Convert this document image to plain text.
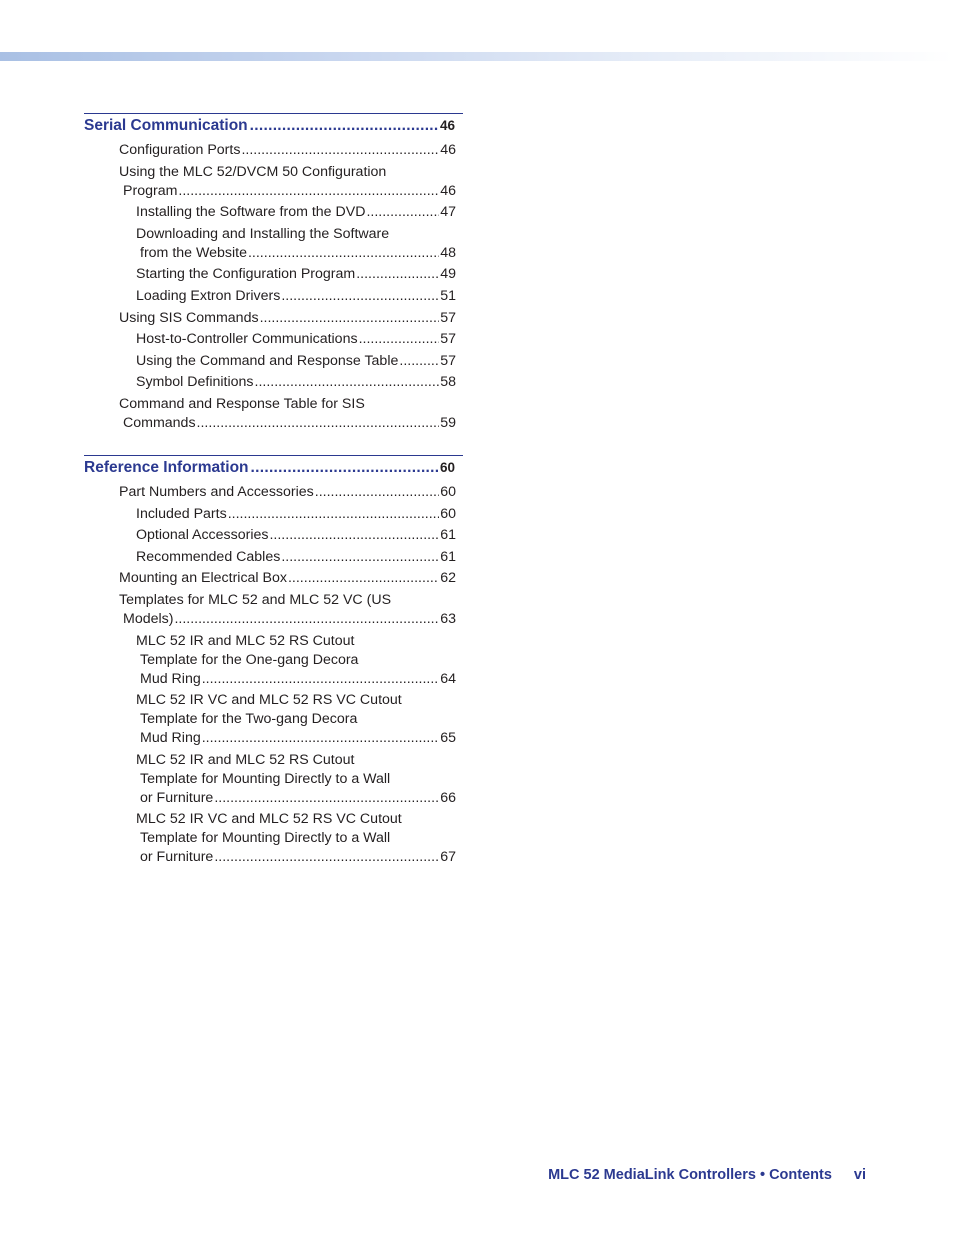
Serial Communication .....	46
Configuration Ports .....	46
Using the MLC 52/DVCM 50 Configuration
Program .....	46
Installing the Software from the DVD .....	47
Downloading and Installing the Software
from the Website .....	48
Starting the Configuration Program .....	49
Loading Extron Drivers .....	51
Using SIS Commands .....	57
Host-to-Controller Communications .....	57
Using the Command and Response Table .....	57
Symbol Definitions .....	58
Command and Response Table for SIS
Commands .....	59
Reference Information .....	60
Part Numbers and Accessories .....	60
Included Parts .....	60
Optional Accessories .....	61
Recommended Cables .....	61
Mounting an Electrical Box .....	62
Templates for MLC 52 and MLC 52 VC (US
Models) .....	63
MLC 52 IR and MLC 52 RS Cutout
Template for the One-gang Decora
Mud Ring .....	64
MLC 52 IR VC and MLC 52 RS VC Cutout
Template for the Two-gang Decora
Mud Ring .....	65
MLC 52 IR and MLC 52 RS Cutout
Template for Mounting Directly to a Wall
or Furniture .....	66
MLC 52 IR VC and MLC 52 RS VC Cutout
Template for Mounting Directly to a Wall
or Furniture .....	67
MLC 52 MediaLink Controllers • Contents vi
